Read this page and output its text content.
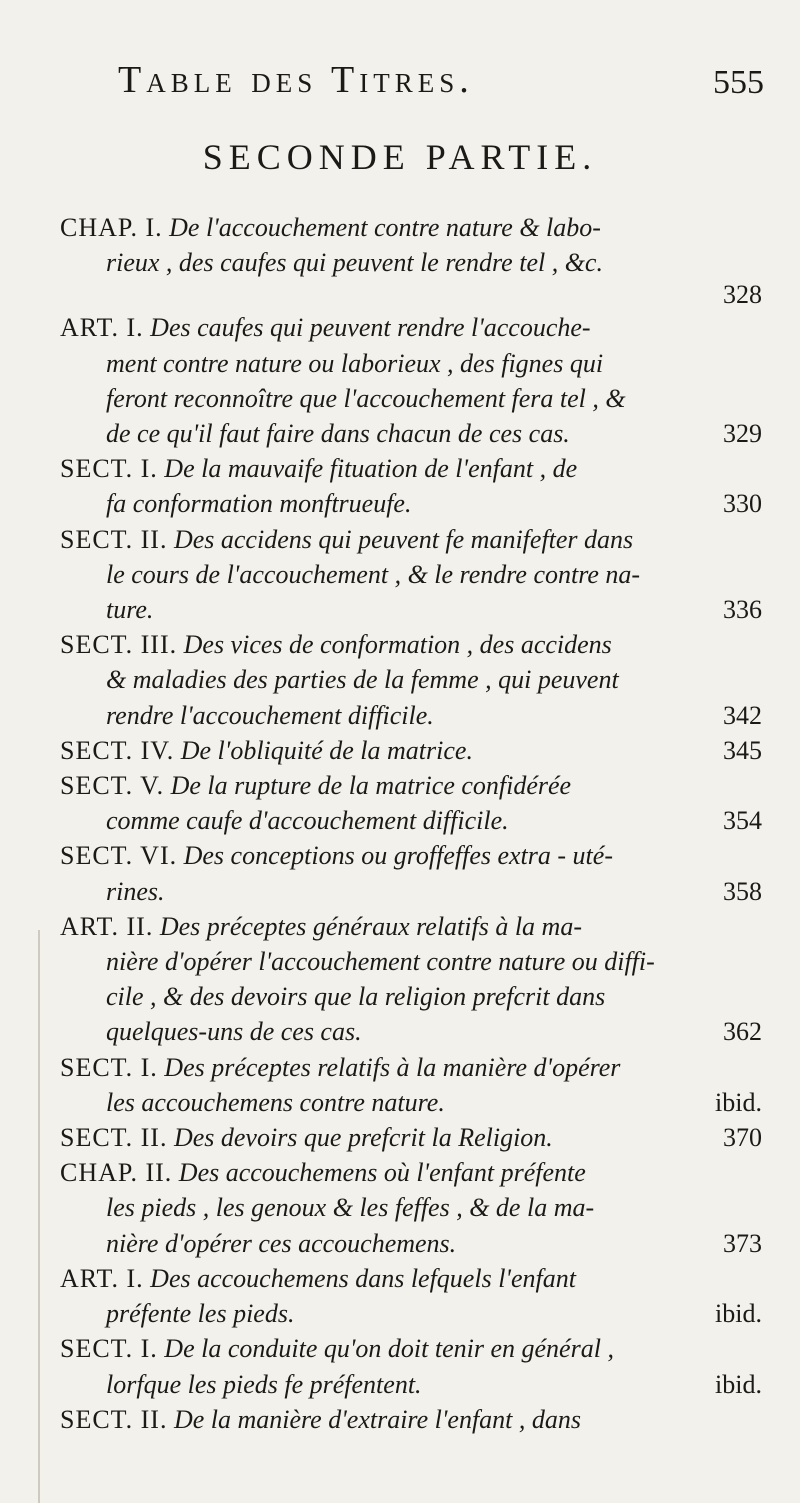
Table des Titres.	555
SECONDE PARTIE.
CHAP. I. De l'accouchement contre nature & labo-
rieux , des caufes qui peuvent le rendre tel , &c.
328
ART. I. Des caufes qui peuvent rendre l'accouche-
ment contre nature ou laborieux , des fignes qui
feront reconnoître que l'accouchement fera tel , &
de ce qu'il faut faire dans chacun de ces cas.	329
SECT. I. De la mauvaife fituation de l'enfant , de
fa conformation monftrueufe.	330
SECT. II. Des accidens qui peuvent fe manifefter dans
le cours de l'accouchement , & le rendre contre na-
ture.	336
SECT. III. Des vices de conformation , des accidens
& maladies des parties de la femme , qui peuvent
rendre l'accouchement difficile.	342
SECT. IV. De l'obliquité de la matrice.	345
SECT. V. De la rupture de la matrice confidérée
comme caufe d'accouchement difficile.	354
SECT. VI. Des conceptions ou groffeffes extra - uté-
rines.	358
ART. II. Des préceptes généraux relatifs à la ma-
nière d'opérer l'accouchement contre nature ou diffi-
cile , & des devoirs que la religion prefcrit dans
quelques-uns de ces cas.	362
SECT. I. Des préceptes relatifs à la manière d'opérer
les accouchemens contre nature.	ibid.
SECT. II. Des devoirs que prefcrit la Religion.	370
CHAP. II. Des accouchemens où l'enfant préfente
les pieds , les genoux & les feffes , & de la ma-
nière d'opérer ces accouchemens.	373
ART. I. Des accouchemens dans lefquels l'enfant
préfente les pieds.	ibid.
SECT. I. De la conduite qu'on doit tenir en général ,
lorfque les pieds fe préfentent.	ibid.
SECT. II. De la manière d'extraire l'enfant , dans
